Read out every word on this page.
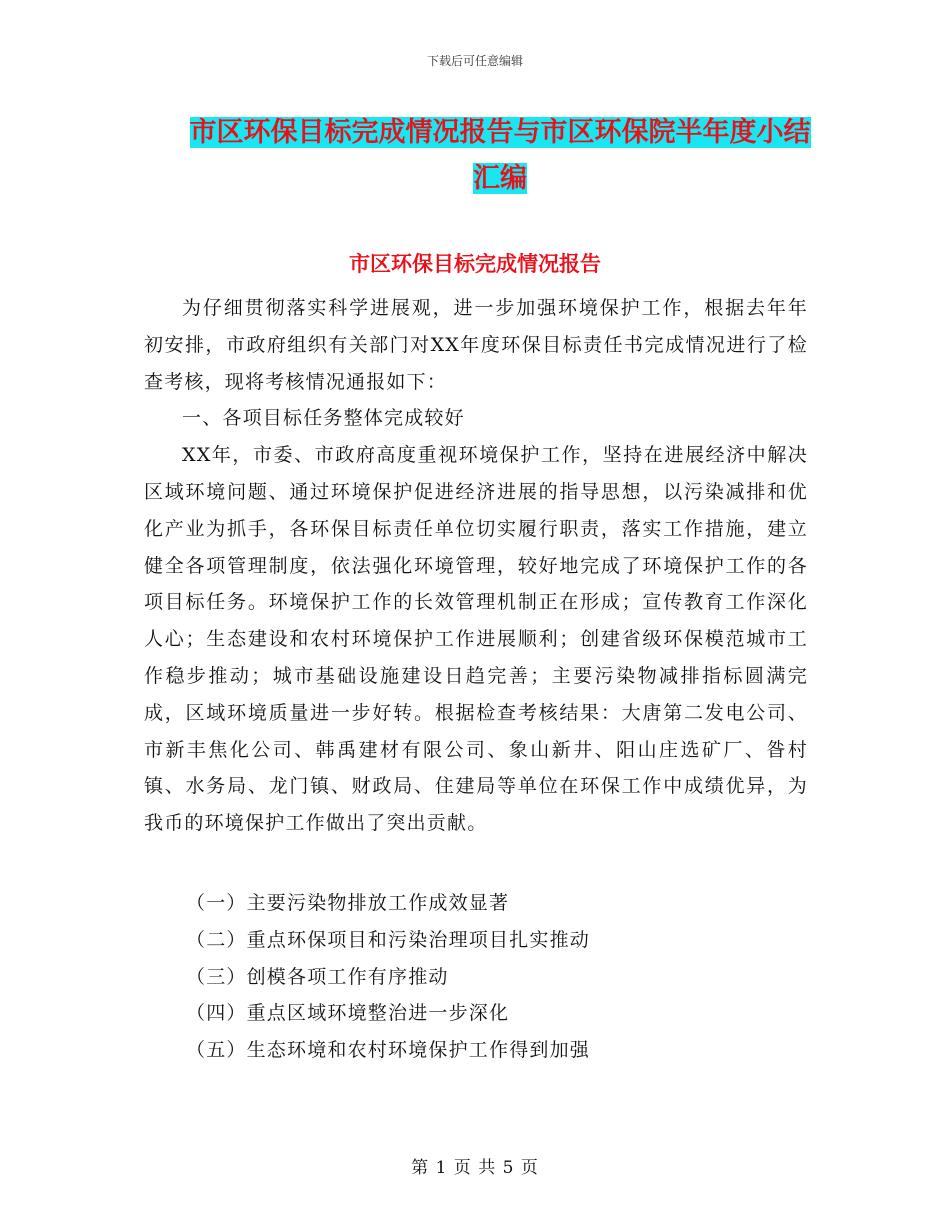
下载后可任意编辑
市区环保目标完成情况报告与市区环保院半年度小结
汇编
市区环保目标完成情况报告

为仔细贯彻落实科学进展观，进一步加强环境保护工作，根据去年年初安排，市政府组织有关部门对XX年度环保目标责任书完成情况进行了检查考核，现将考核情况通报如下：

一、各项目标任务整体完成较好

XX年，市委、市政府高度重视环境保护工作，坚持在进展经济中解决区域环境问题、通过环境保护促进经济进展的指导思想，以污染减排和优化产业为抓手，各环保目标责任单位切实履行职责，落实工作措施，建立健全各项管理制度，依法强化环境管理，较好地完成了环境保护工作的各项目标任务。环境保护工作的长效管理机制正在形成；宣传教育工作深化人心；生态建设和农村环境保护工作进展顺利；创建省级环保模范城市工作稳步推动；城市基础设施建设日趋完善；主要污染物减排指标圆满完成，区域环境质量进一步好转。根据检查考核结果：大唐第二发电公司、市新丰焦化公司、韩禹建材有限公司、象山新井、阳山庄选矿厂、昝村镇、水务局、龙门镇、财政局、住建局等单位在环保工作中成绩优异，为我币的环境保护工作做出了突出贡献。

（一）主要污染物排放工作成效显著
（二）重点环保项目和污染治理项目扎实推动
（三）创模各项工作有序推动
（四）重点区域环境整治进一步深化
（五）生态环境和农村环境保护工作得到加强
第 1 页 共 5 页
